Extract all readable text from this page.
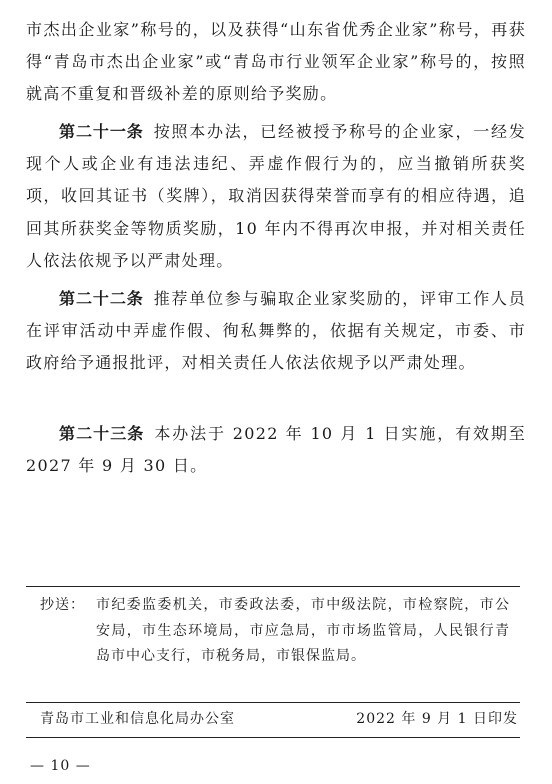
市杰出企业家”称号的，以及获得“山东省优秀企业家”称号，再获得“青岛市杰出企业家”或“青岛市行业领军企业家”称号的，按照就高不重复和晋级补差的原则给予奖励。

第二十一条 按照本办法，已经被授予称号的企业家，一经发现个人或企业有违法违纪、弄虚作假行为的，应当撤销所获奖项，收回其证书（奖牌），取消因获得荣誉而享有的相应待遇，追回其所获奖金等物质奖励，10 年内不得再次申报，并对相关责任人依法依规予以严肃处理。

第二十二条 推荐单位参与骗取企业家奖励的，评审工作人员在评审活动中弄虚作假、徇私舞弊的，依据有关规定，市委、市政府给予通报批评，对相关责任人依法依规予以严肃处理。

第二十三条 本办法于 2022 年 10 月 1 日实施，有效期至 2027 年 9 月 30 日。

抄送： 市纪委监委机关，市委政法委，市中级法院，市检察院，市公安局，市生态环境局，市应急局，市市场监管局，人民银行青岛市中心支行，市税务局，市银保监局。
青岛市工业和信息化局办公室	2022 年 9 月 1 日印发
— 10 —
